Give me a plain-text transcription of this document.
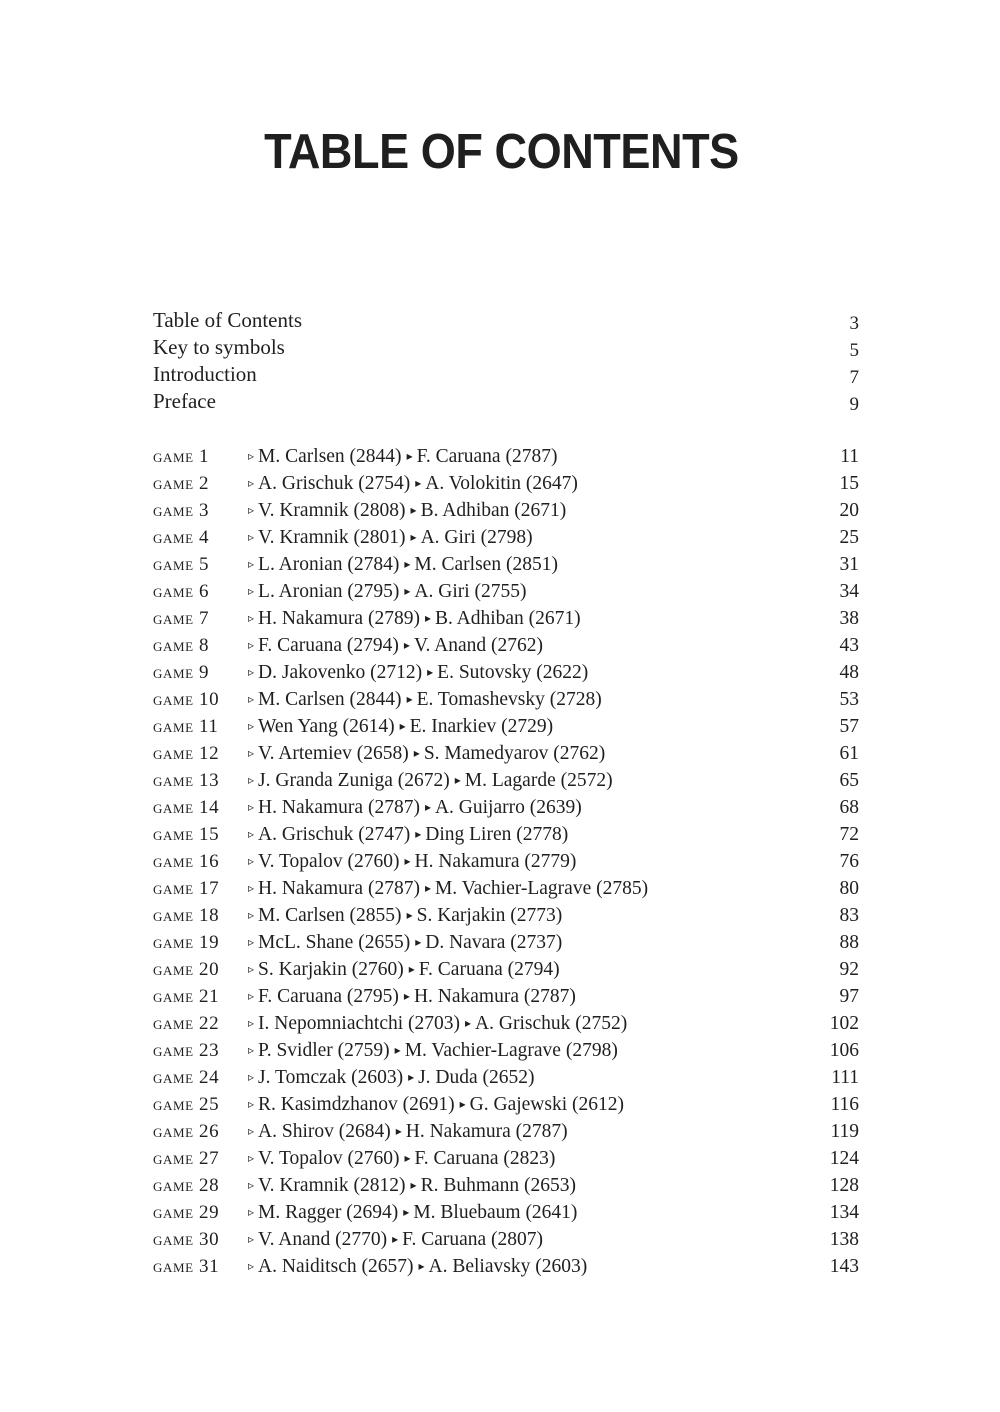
TABLE OF CONTENTS
Table of Contents	3
Key to symbols	5
Introduction	7
Preface	9
game 1	▹ M. Carlsen (2844) ▸ F. Caruana (2787)	11
game 2	▹ A. Grischuk (2754) ▸ A. Volokitin (2647)	15
game 3	▹ V. Kramnik (2808) ▸ B. Adhiban (2671)	20
game 4	▹ V. Kramnik (2801) ▸ A. Giri (2798)	25
game 5	▹ L. Aronian (2784) ▸ M. Carlsen (2851)	31
game 6	▹ L. Aronian (2795) ▸ A. Giri (2755)	34
game 7	▹ H. Nakamura (2789) ▸ B. Adhiban (2671)	38
game 8	▹ F. Caruana (2794) ▸ V. Anand (2762)	43
game 9	▹ D. Jakovenko (2712) ▸ E. Sutovsky (2622)	48
game 10 ▹ M. Carlsen (2844) ▸ E. Tomashevsky (2728)	53
game 11 ▹ Wen Yang (2614) ▸ E. Inarkiev (2729)	57
game 12 ▹ V. Artemiev (2658) ▸ S. Mamedyarov (2762)	61
game 13 ▹ J. Granda Zuniga (2672) ▸ M. Lagarde (2572)	65
game 14 ▹ H. Nakamura (2787) ▸ A. Guijarro (2639)	68
game 15 ▹ A. Grischuk (2747) ▸ Ding Liren (2778)	72
game 16 ▹ V. Topalov (2760) ▸ H. Nakamura (2779)	76
game 17 ▹ H. Nakamura (2787) ▸ M. Vachier-Lagrave (2785)	80
game 18 ▹ M. Carlsen (2855) ▸ S. Karjakin (2773)	83
game 19 ▹ McL. Shane (2655) ▸ D. Navara (2737)	88
game 20 ▹ S. Karjakin (2760) ▸ F. Caruana (2794)	92
game 21 ▹ F. Caruana (2795) ▸ H. Nakamura (2787)	97
game 22 ▹ I. Nepomniachtchi (2703) ▸ A. Grischuk (2752)	102
game 23 ▹ P. Svidler (2759) ▸ M. Vachier-Lagrave (2798)	106
game 24 ▹ J. Tomczak (2603) ▸ J. Duda (2652)	111
game 25 ▹ R. Kasimdzhanov (2691) ▸ G. Gajewski (2612)	116
game 26 ▹ A. Shirov (2684) ▸ H. Nakamura (2787)	119
game 27 ▹ V. Topalov (2760) ▸ F. Caruana (2823)	124
game 28 ▹ V. Kramnik (2812) ▸ R. Buhmann (2653)	128
game 29 ▹ M. Ragger (2694) ▸ M. Bluebaum (2641)	134
game 30 ▹ V. Anand (2770) ▸ F. Caruana (2807)	138
game 31 ▹ A. Naiditsch (2657) ▸ A. Beliavsky (2603)	143
